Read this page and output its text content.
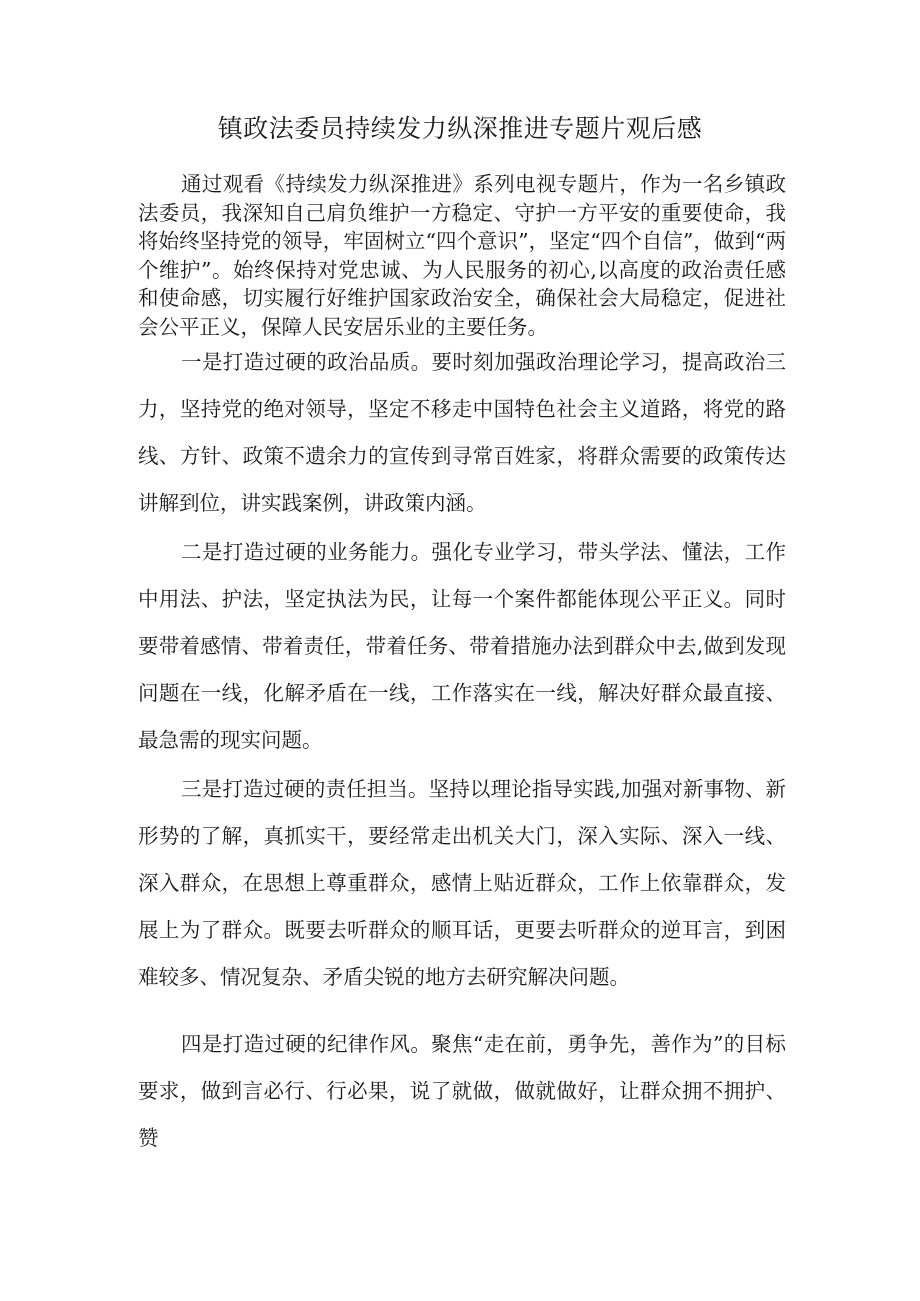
镇政法委员持续发力纵深推进专题片观后感

通过观看《持续发力纵深推进》系列电视专题片，作为一名乡镇政法委员，我深知自己肩负维护一方稳定、守护一方平安的重要使命，我将始终坚持党的领导，牢固树立“四个意识”，坚定“四个自信”，做到“两个维护”。始终保持对党忠诚、为人民服务的初心,以高度的政治责任感和使命感，切实履行好维护国家政治安全，确保社会大局稳定，促进社会公平正义，保障人民安居乐业的主要任务。

一是打造过硬的政治品质。要时刻加强政治理论学习，提高政治三力，坚持党的绝对领导，坚定不移走中国特色社会主义道路，将党的路线、方针、政策不遗余力的宣传到寻常百姓家，将群众需要的政策传达讲解到位，讲实践案例，讲政策内涵。

二是打造过硬的业务能力。强化专业学习，带头学法、懂法，工作中用法、护法，坚定执法为民，让每一个案件都能体现公平正义。同时要带着感情、带着责任，带着任务、带着措施办法到群众中去,做到发现问题在一线，化解矛盾在一线，工作落实在一线，解决好群众最直接、最急需的现实问题。

三是打造过硬的责任担当。坚持以理论指导实践,加强对新事物、新形势的了解，真抓实干，要经常走出机关大门，深入实际、深入一线、深入群众，在思想上尊重群众，感情上贴近群众，工作上依靠群众，发展上为了群众。既要去听群众的顺耳话，更要去听群众的逆耳言，到困难较多、情况复杂、矛盾尖锐的地方去研究解决问题。

四是打造过硬的纪律作风。聚焦“走在前，勇争先，善作为”的目标要求，做到言必行、行必果，说了就做，做就做好，让群众拥不拥护、赞
